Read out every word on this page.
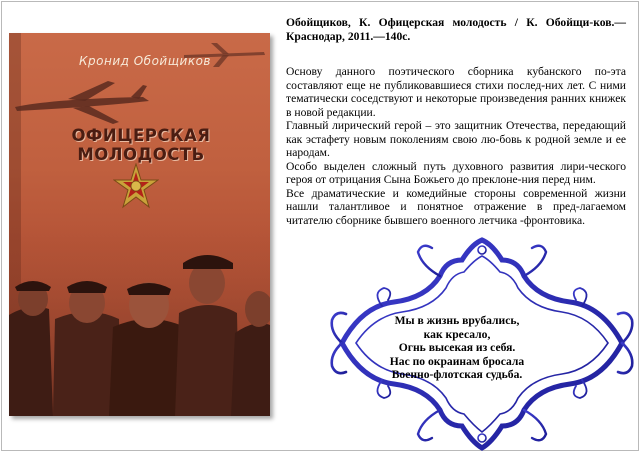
Кронид Обойщиков
ОФИЦЕРСКАЯ МОЛОДОСТЬ

Обойщиков, К. Офицерская молодость / К. Обойщи-ков.—Краснодар, 2011.—140с.

Основу данного поэтического сборника кубанского по-эта составляют еще не публиковавшиеся стихи послед-них лет. С ними тематически соседствуют и некоторые произведения ранних книжек в новой редакции.

Главный лирический герой – это защитник Отечества, передающий как эстафету новым поколениям свою лю-бовь к родной земле и ее народам.

Особо выделен сложный путь духовного развития лири-ческого героя от отрицания Сына Божьего до преклоне-ния перед ним.

Все драматические и комедийные стороны современной жизни нашли талантливое и понятное отражение в пред-лагаемом читателю сборнике бывшего военного летчика -фронтовика.

Мы в жизнь врубались,
как кресало,
Огнь высекая из себя.
Нас по окраинам бросала
Военно-флотская судьба.
